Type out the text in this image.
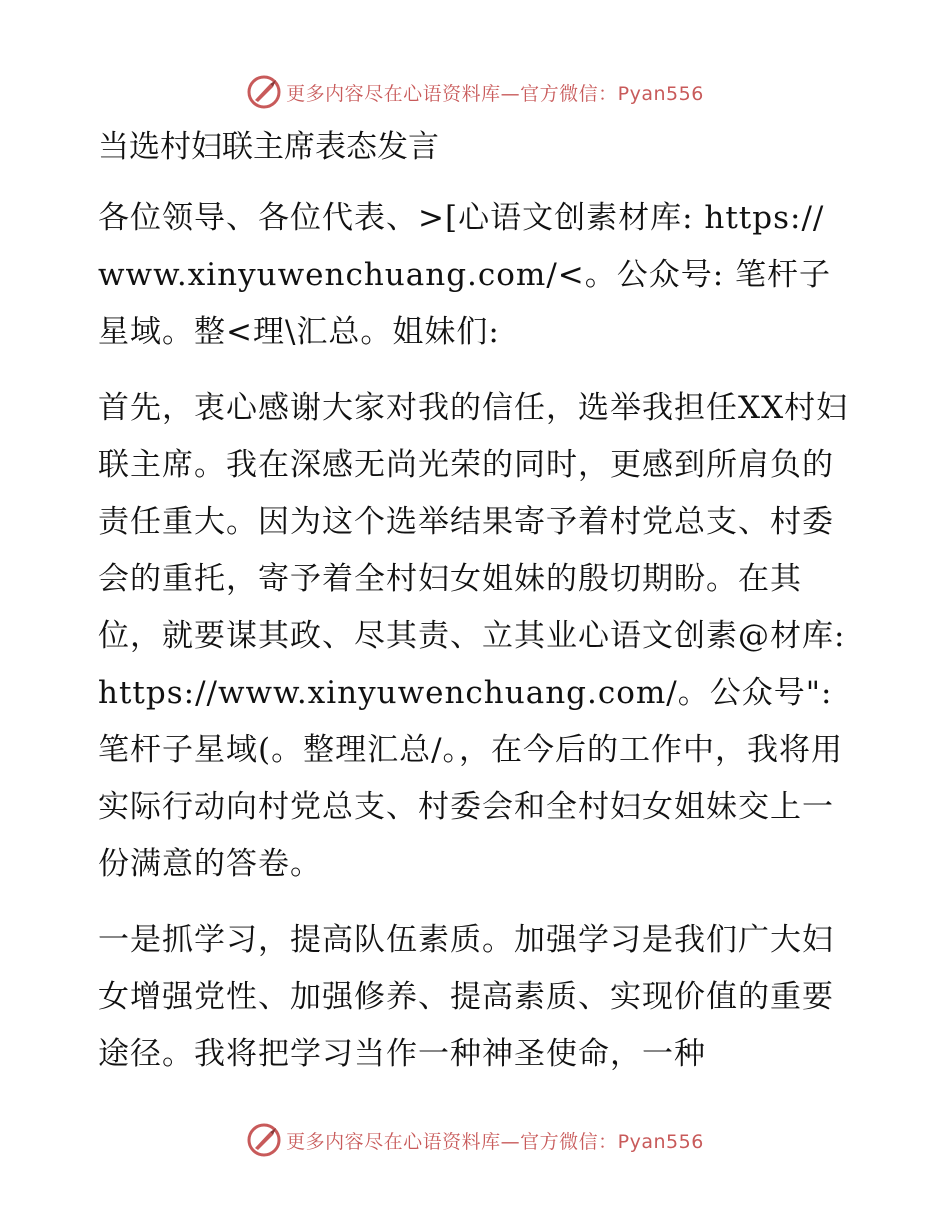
更多内容尽在心语资料库—官方微信：Pyan556
当选村妇联主席表态发言

各位领导、各位代表、>[心语文创素材库: https://www.xinyuwenchuang.com/<。公众号: 笔杆子星域。整<理\汇总。姐妹们:

首先，衷心感谢大家对我的信任，选举我担任XX村妇联主席。我在深感无尚光荣的同时，更感到所肩负的责任重大。因为这个选举结果寄予着村党总支、村委会的重托，寄予着全村妇女姐妹的殷切期盼。在其位，就要谋其政、尽其责、立其业心语文创素@材库: https://www.xinyuwenchuang.com/。公众号": 笔杆子星域(。整理汇总/。，在今后的工作中，我将用实际行动向村党总支、村委会和全村妇女姐妹交上一份满意的答卷。

一是抓学习，提高队伍素质。加强学习是我们广大妇女增强党性、加强修养、提高素质、实现价值的重要途径。我将把学习当作一种神圣使命，一种

更多内容尽在心语资料库—官方微信：Pyan556
